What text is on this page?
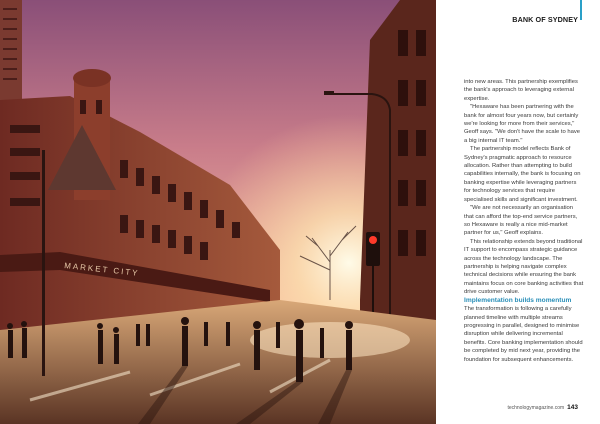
MARKET CITY
BANK OF SYDNEY

into new areas. This partnership exemplifies the bank's approach to leveraging external expertise.

"Hexaware has been partnering with the bank for almost four years now, but certainly we're looking for more from their services," Geoff says. "We don't have the scale to have a big internal IT team."

The partnership model reflects Bank of Sydney's pragmatic approach to resource allocation. Rather than attempting to build capabilities internally, the bank is focusing on banking expertise while leveraging partners for technology services that require specialised skills and significant investment.

"We are not necessarily an organisation that can afford the top-end service partners, so Hexaware is really a nice mid-market partner for us," Geoff explains.

This relationship extends beyond traditional IT support to encompass strategic guidance across the technology landscape. The partnership is helping navigate complex technical decisions while ensuring the bank maintains focus on core banking activities that drive customer value.

Implementation builds momentum

The transformation is following a carefully planned timeline with multiple streams progressing in parallel, designed to minimise disruption while delivering incremental benefits. Core banking implementation should be completed by mid next year, providing the foundation for subsequent enhancements.

technologymagazine.com 143
